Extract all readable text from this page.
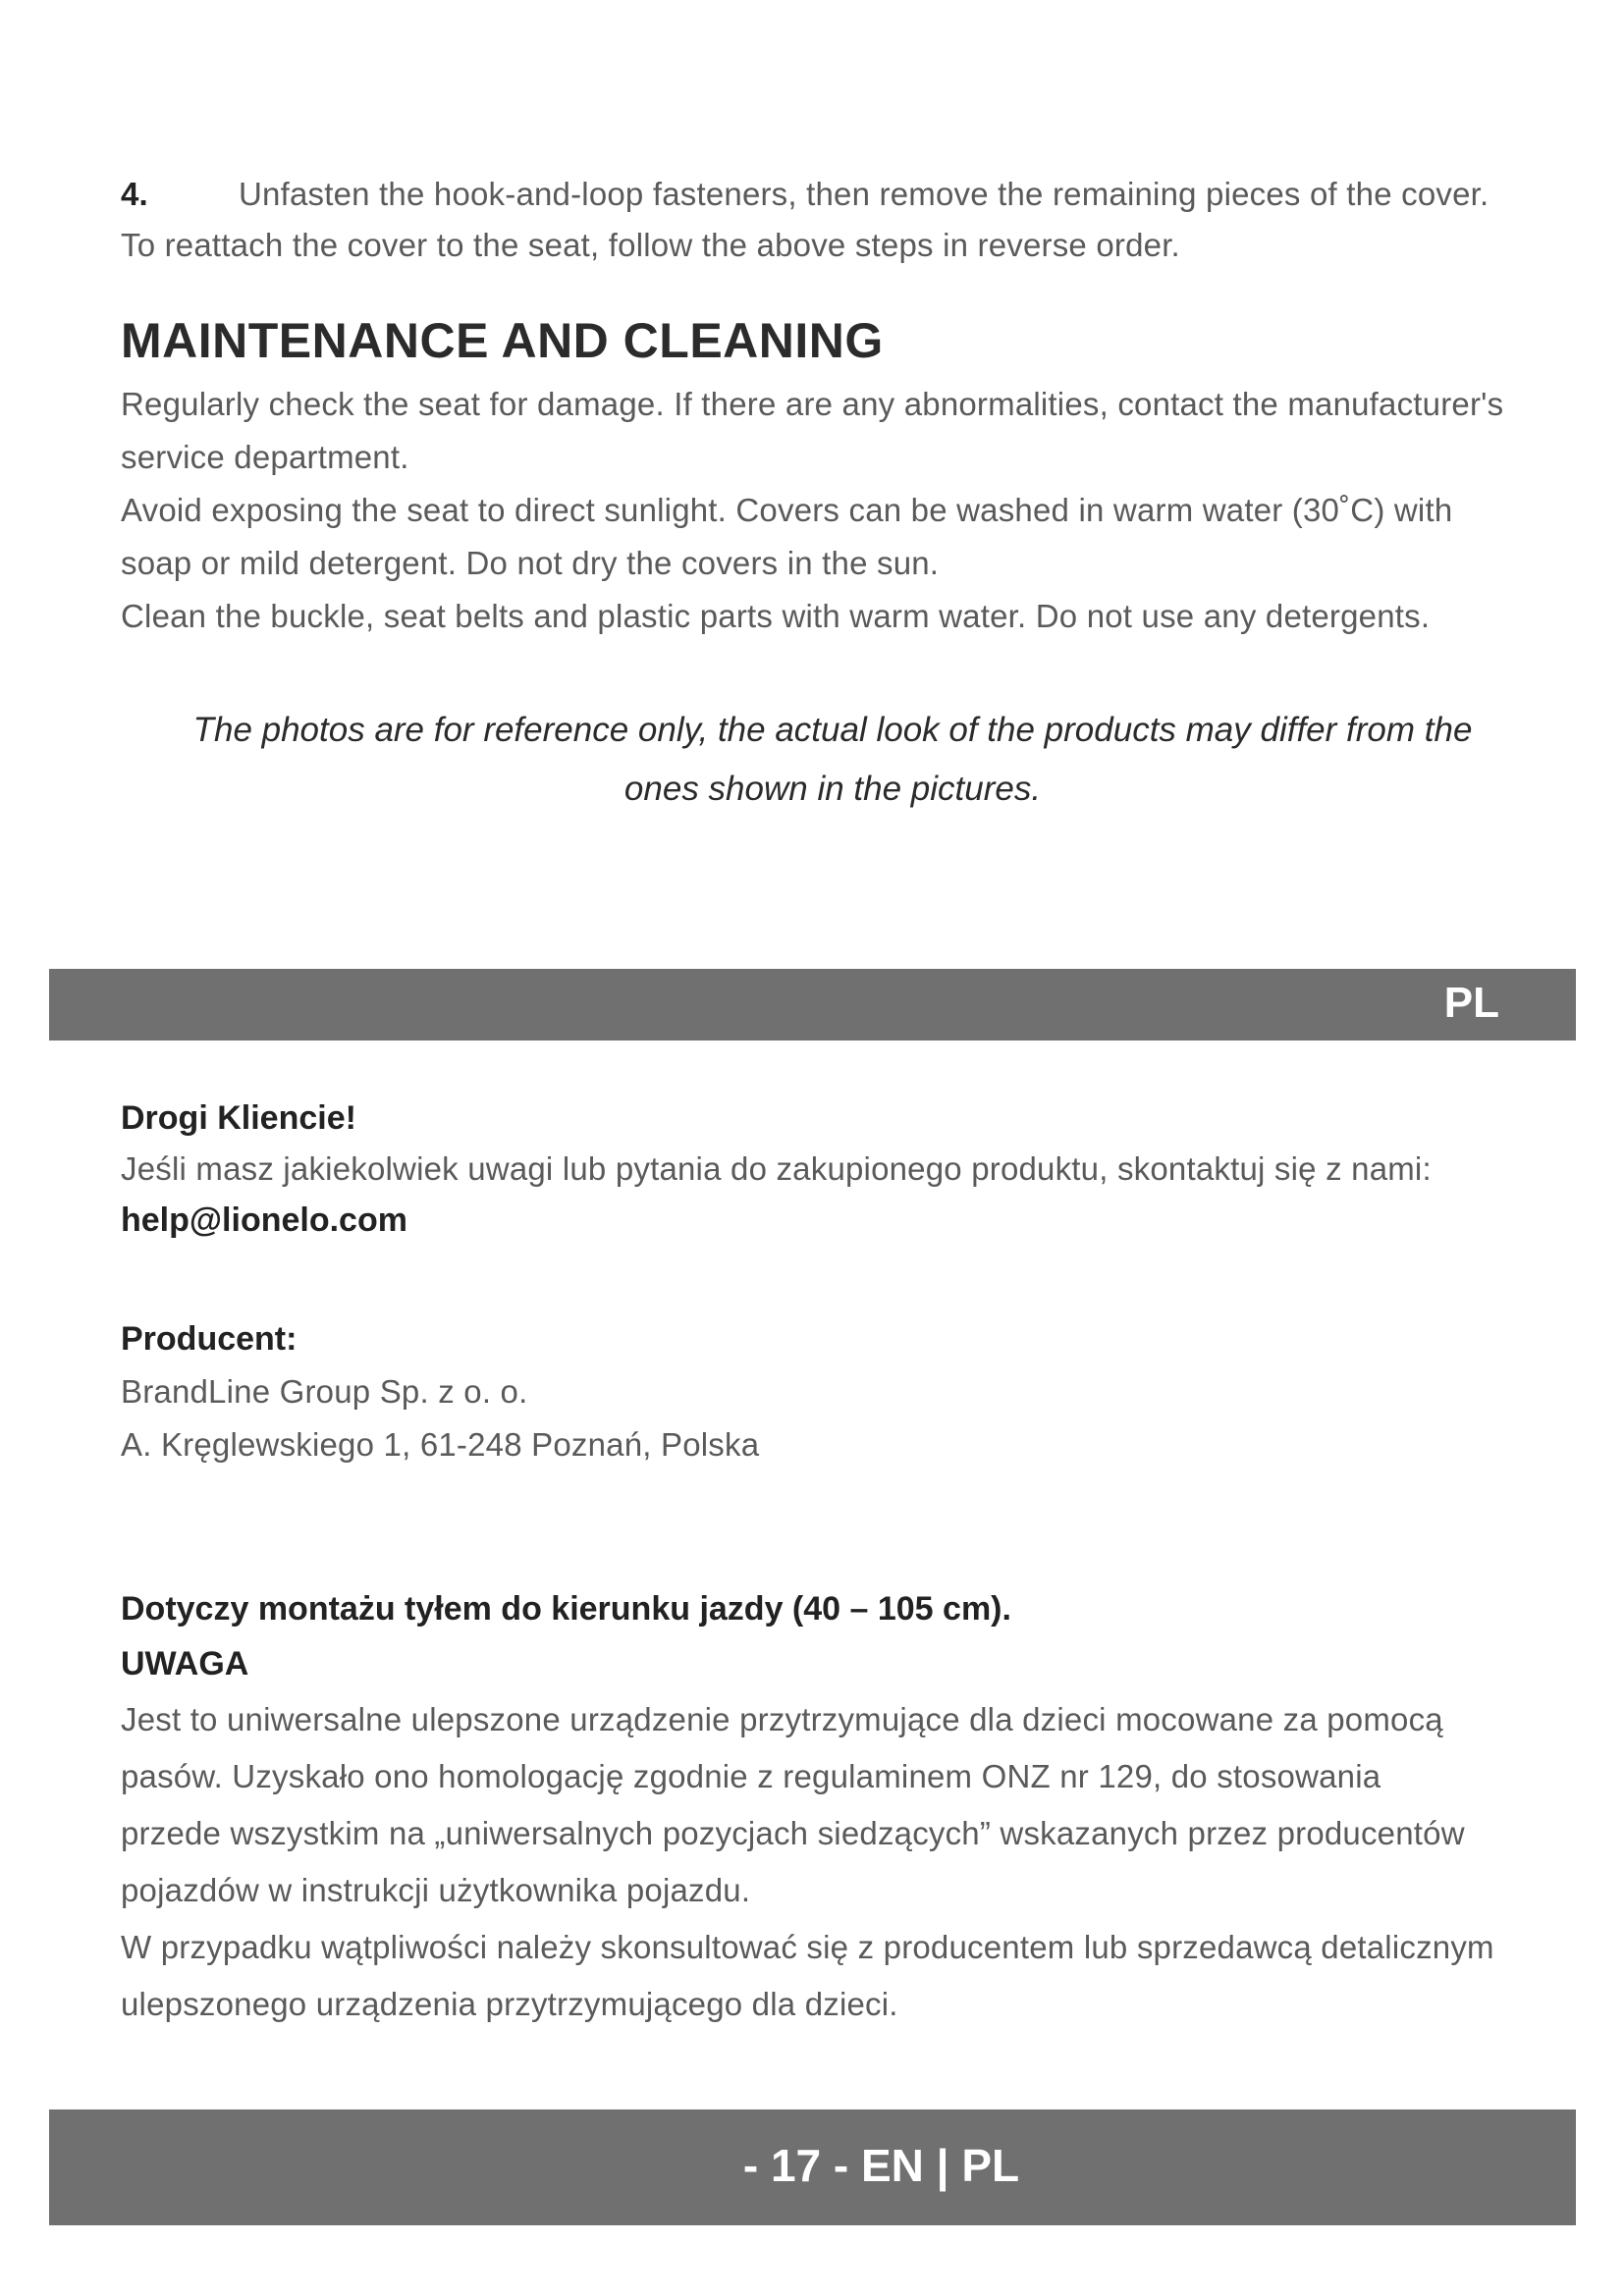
4.	Unfasten the hook-and-loop fasteners, then remove the remaining pieces of the cover.

To reattach the cover to the seat, follow the above steps in reverse order.

MAINTENANCE AND CLEANING

Regularly check the seat for damage. If there are any abnormalities, contact the manufacturer's

service department.

Avoid exposing the seat to direct sunlight. Covers can be washed in warm water (30˚C) with

soap or mild detergent. Do not dry the covers in the sun.

Clean the buckle, seat belts and plastic parts with warm water. Do not use any detergents.

The photos are for reference only, the actual look of the products may differ from the
ones shown in the pictures.
PL

Drogi Kliencie!

Jeśli masz jakiekolwiek uwagi lub pytania do zakupionego produktu, skontaktuj się z nami:

help@lionelo.com

Producent:

BrandLine Group Sp. z o. o.

A. Kręglewskiego 1, 61-248 Poznań, Polska

Dotyczy montażu tyłem do kierunku jazdy (40 – 105 cm).

UWAGA

Jest to uniwersalne ulepszone urządzenie przytrzymujące dla dzieci mocowane za pomocą

pasów. Uzyskało ono homologację zgodnie z regulaminem ONZ nr 129, do stosowania

przede wszystkim na „uniwersalnych pozycjach siedzących” wskazanych przez producentów

pojazdów w instrukcji użytkownika pojazdu.

W przypadku wątpliwości należy skonsultować się z producentem lub sprzedawcą detalicznym

ulepszonego urządzenia przytrzymującego dla dzieci.

- 17 - EN | PL
